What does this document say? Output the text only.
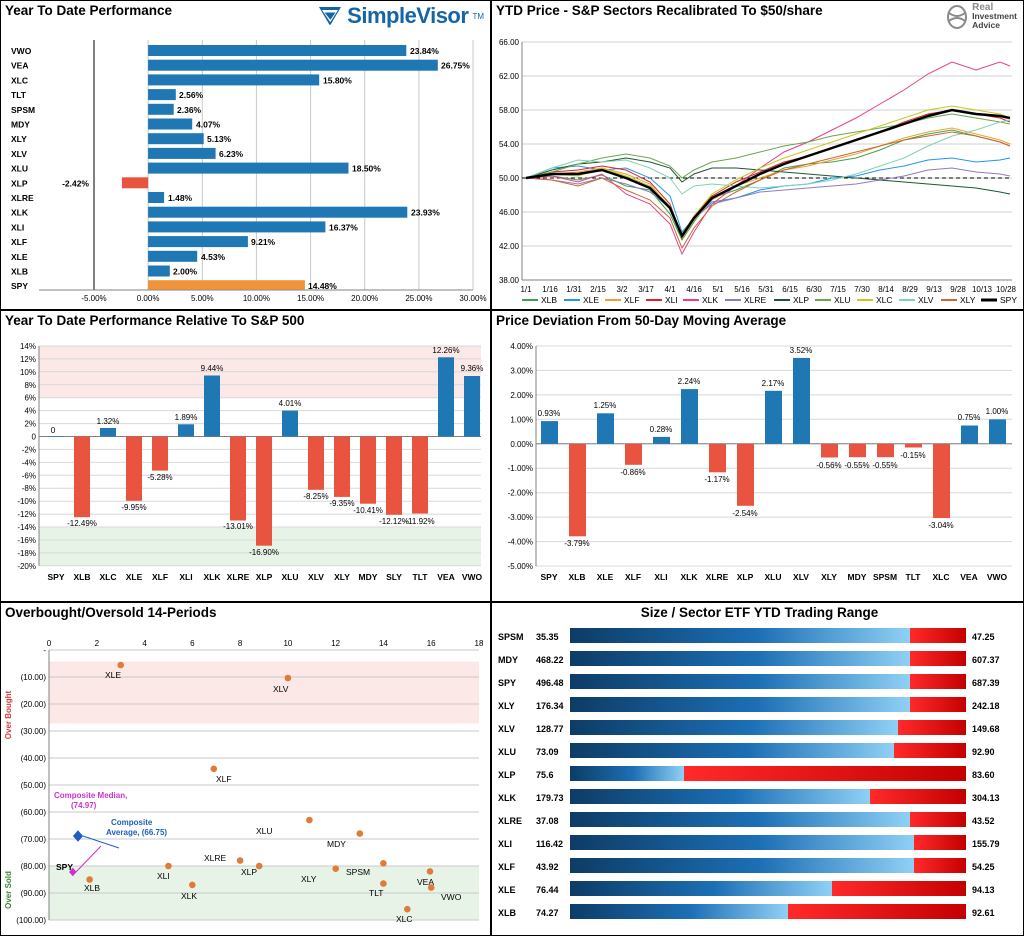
Year To Date Performance	SimpleVisor TM
-5.00%	0.00%	5.00%	10.00%	15.00%	20.00%	25.00%	30.00%
23.84%
26.75%
15.80%
2.56%
2.36%
4.07%
5.13%
6.23%
18.50%
-2.42%
1.48%
23.93%
16.37%
9.21%
4.53%
2.00%
14.48%
VWO
VEA
XLC
TLT
SPSM
MDY
XLY
XLV
XLU
XLP
XLRE
XLK
XLI
XLF
XLE
XLB
SPY
YTD Price - S&P Sectors Recalibrated To $50/share	Real
Investment
Advice
66.00
62.00
58.00
54.00
50.00
46.00
42.00
38.00
1/1 1/16 1/31 2/15 3/2 3/17 4/1 4/16 5/1 5/16 5/31 6/15 6/30 7/15 7/30 8/14 8/29 9/13 9/28 10/13 10/28
XLB	XLE	XLF	XLI	XLK	XLRE	XLP	XLU	XLC	XLV	XLY	SPY
Year To Date Performance Relative To S&P 500
14%
12%
10%
8%
6%
4%
2%
0
-2%
-4%
-6%
-8%
-10%
-12%
-14%
-16%
-18%
-20%
0
-12.49%
1.32%
-9.95%
-5.28%
1.89%
9.44%
-13.01%
-16.90%
4.01%
-8.25%
-9.35%
-10.41%
-12.12%
-11.92%
12.26%
9.36%
SPY XLB XLC XLE XLF XLI XLK XLRE XLP XLU XLV XLY MDY SLY TLT VEA VWO
Price Deviation From 50-Day Moving Average
4.00%
3.00%
2.00%
1.00%
0.00%
-1.00%
-2.00%
-3.00%
-4.00%
-5.00%
0.93%
-3.79%
1.25%
-0.86%
0.28%
2.24%
-1.17%
-2.54%
2.17%
3.52%
-0.56% -0.55% -0.55%
-0.15%
-3.04%
0.75%
1.00%
SPY XLB XLE XLF XLI XLK XLRE XLP XLU XLV XLY MDY SPSM TLT XLC VEA VWO
Overbought/Oversold 14-Periods
-
(10.00)
(20.00)
(30.00)
(40.00)
(50.00)
(60.00)
(70.00)
(80.00)
(90.00)
(100.00)
0	2	4	6	8	10	12	14	16	18
Over Bought
Over Sold
XLE
XLV
XLF
XLU
MDY
XLRE
XLP
XLY
SPSM
XLI
XLB
XLK	TLT
VEA
VWO
XLC
SPY
Composite Median,
(74.97)
Composite
Average, (66.75)
Size / Sector ETF YTD Trading Range
SPSM 35.35	47.25
MDY 468.22	607.37
SPY 496.48	687.39
XLY 176.34	242.18
XLV 128.77	149.68
XLU 73.09	92.90
XLP 75.6	83.60
XLK 179.73	304.13
XLRE 37.08	43.52
XLI	116.42	155.79
XLF 43.92	54.25
XLE 76.44	94.13
XLB 74.27	92.61
